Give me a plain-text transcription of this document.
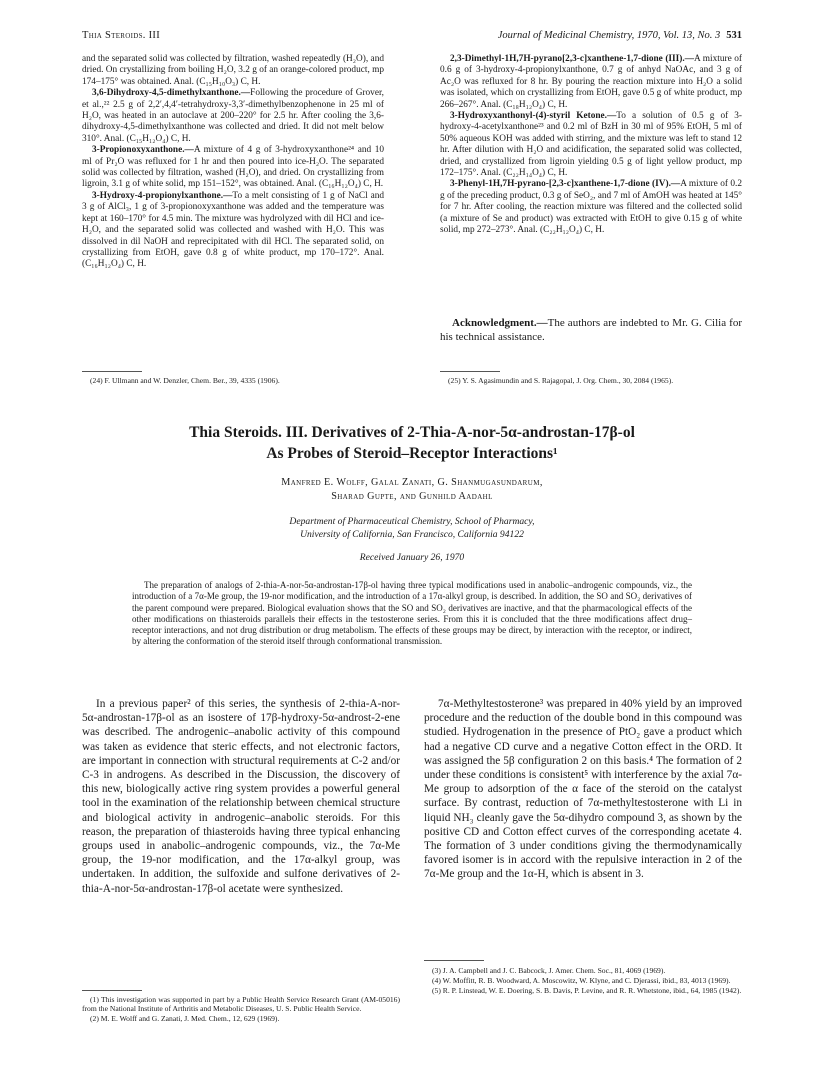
Thia Steroids. III	Journal of Medicinal Chemistry, 1970, Vol. 13, No. 3 531

and the separated solid was collected by filtration, washed repeatedly (H₂O), and dried. On crystallizing from boiling H₂O, 3.2 g of an orange-colored product, mp 174–175° was obtained. Anal. (C₁₅H₁₀O₃) C, H.

3,6-Dihydroxy-4,5-dimethylxanthone.—Following the procedure of Grover, et al.,²² 2.5 g of 2,2′,4,4′-tetrahydroxy-3,3′-dimethylbenzophenone in 25 ml of H₂O, was heated in an autoclave at 200–220° for 2.5 hr. After cooling the 3,6-dihydroxy-4,5-dimethylxanthone was collected and dried. It did not melt below 310°. Anal. (C₁₅H₁₂O₄) C, H.

3-Propionoxyxanthone.—A mixture of 4 g of 3-hydroxyxanthone²⁴ and 10 ml of Pr₂O was refluxed for 1 hr and then poured into ice-H₂O. The separated solid was collected by filtration, washed (H₂O), and dried. On crystallizing from ligroin, 3.1 g of white solid, mp 151–152°, was obtained. Anal. (C₁₆H₁₂O₄) C, H.

3-Hydroxy-4-propionylxanthone.—To a melt consisting of 1 g of NaCl and 3 g of AlCl₃, 1 g of 3-propionoxyxanthone was added and the temperature was kept at 160–170° for 4.5 min. The mixture was hydrolyzed with dil HCl and ice-H₂O, and the separated solid was collected and washed with H₂O. This was dissolved in dil NaOH and reprecipitated with dil HCl. The separated solid, on crystallizing from EtOH, gave 0.8 g of white product, mp 170–172°. Anal. (C₁₆H₁₂O₄) C, H.

2,3-Dimethyl-1H,7H-pyrano[2,3-c]xanthene-1,7-dione (III).—A mixture of 0.6 g of 3-hydroxy-4-propionylxanthone, 0.7 g of anhyd NaOAc, and 3 g of Ac₂O was refluxed for 8 hr. By pouring the reaction mixture into H₂O a solid was isolated, which on crystallizing from EtOH, gave 0.5 g of white product, mp 266–267°. Anal. (C₁₈H₁₂O₄) C, H.

3-Hydroxyxanthonyl-(4)-styril Ketone.—To a solution of 0.5 g of 3-hydroxy-4-acetylxanthone²³ and 0.2 ml of BzH in 30 ml of 95% EtOH, 5 ml of 50% aqueous KOH was added with stirring, and the mixture was left to stand 12 hr. After dilution with H₂O and acidification, the separated solid was collected, dried, and crystallized from ligroin yielding 0.5 g of light yellow product, mp 172–175°. Anal. (C₂₂H₁₄O₄) C, H.

3-Phenyl-1H,7H-pyrano-[2,3-c]xanthene-1,7-dione (IV).—A mixture of 0.2 g of the preceding product, 0.3 g of SeO₂, and 7 ml of AmOH was heated at 145° for 7 hr. After cooling, the reaction mixture was filtered and the collected solid (a mixture of Se and product) was extracted with EtOH to give 0.15 g of white solid, mp 272–273°. Anal. (C₂₂H₁₂O₄) C, H.

Acknowledgment.—The authors are indebted to Mr. G. Cilia for his technical assistance.
(24) F. Ullmann and W. Denzler, Chem. Ber., 39, 4335 (1906).	(25) Y. S. Agasimundin and S. Rajagopal, J. Org. Chem., 30, 2084 (1965).
Thia Steroids. III. Derivatives of 2-Thia-A-nor-5α-androstan-17β-ol
As Probes of Steroid–Receptor Interactions¹
Manfred E. Wolff, Galal Zanati, G. Shanmugasundarum,
Sharad Gupte, and Gunhild Aadahl
Department of Pharmaceutical Chemistry, School of Pharmacy,
University of California, San Francisco, California 94122
Received January 26, 1970
The preparation of analogs of 2-thia-A-nor-5α-androstan-17β-ol having three typical modifications used in anabolic–androgenic compounds, viz., the introduction of a 7α-Me group, the 19-nor modification, and the introduction of a 17α-alkyl group, is described. In addition, the SO and SO₂ derivatives of the parent compound were prepared. Biological evaluation shows that the SO and SO₂ derivatives are inactive, and that the pharmacological effects of the other modifications on thiasteroids parallels their effects in the testosterone series. From this it is concluded that the three modifications affect drug–receptor interactions, and not drug distribution or drug metabolism. The effects of these groups may be direct, by interaction with the receptor, or indirect, by altering the conformation of the steroid itself through conformational transmission.

In a previous paper² of this series, the synthesis of 2-thia-A-nor-5α-androstan-17β-ol as an isostere of 17β-hydroxy-5α-androst-2-ene was described. The androgenic–anabolic activity of this compound was taken as evidence that steric effects, and not electronic factors, are important in connection with structural requirements at C-2 and/or C-3 in androgens. As described in the Discussion, the discovery of this new, biologically active ring system provides a powerful general tool in the examination of the relationship between chemical structure and biological activity in androgenic–anabolic steroids. For this reason, the preparation of thiasteroids having three typical enhancing groups used in anabolic–androgenic compounds, viz., the 7α-Me group, the 19-nor modification, and the 17α-alkyl group, was undertaken. In addition, the sulfoxide and sulfone derivatives of 2-thia-A-nor-5α-androstan-17β-ol acetate were synthesized.

7α-Methyltestosterone³ was prepared in 40% yield by an improved procedure and the reduction of the double bond in this compound was studied. Hydrogenation in the presence of PtO₂ gave a product which had a negative CD curve and a negative Cotton effect in the ORD. It was assigned the 5β configuration 2 on this basis.⁴ The formation of 2 under these conditions is consistent⁵ with interference by the axial 7α-Me group to adsorption of the α face of the steroid on the catalyst surface. By contrast, reduction of 7α-methyltestosterone with Li in liquid NH₃ cleanly gave the 5α-dihydro compound 3, as shown by the positive CD and Cotton effect curves of the corresponding acetate 4. The formation of 3 under conditions giving the thermodynamically favored isomer is in accord with the repulsive interaction in 2 of the 7α-Me group and the 1α-H, which is absent in 3.

(1) This investigation was supported in part by a Public Health Service Research Grant (AM-05016) from the National Institute of Arthritis and Metabolic Diseases, U. S. Public Health Service.

(2) M. E. Wolff and G. Zanati, J. Med. Chem., 12, 629 (1969).

(3) J. A. Campbell and J. C. Babcock, J. Amer. Chem. Soc., 81, 4069 (1969).

(4) W. Moffitt, R. B. Woodward, A. Moscowitz, W. Klyne, and C. Djerassi, ibid., 83, 4013 (1969).

(5) R. P. Linstead, W. E. Doering, S. B. Davis, P. Levine, and R. R. Whetstone, ibid., 64, 1985 (1942).
